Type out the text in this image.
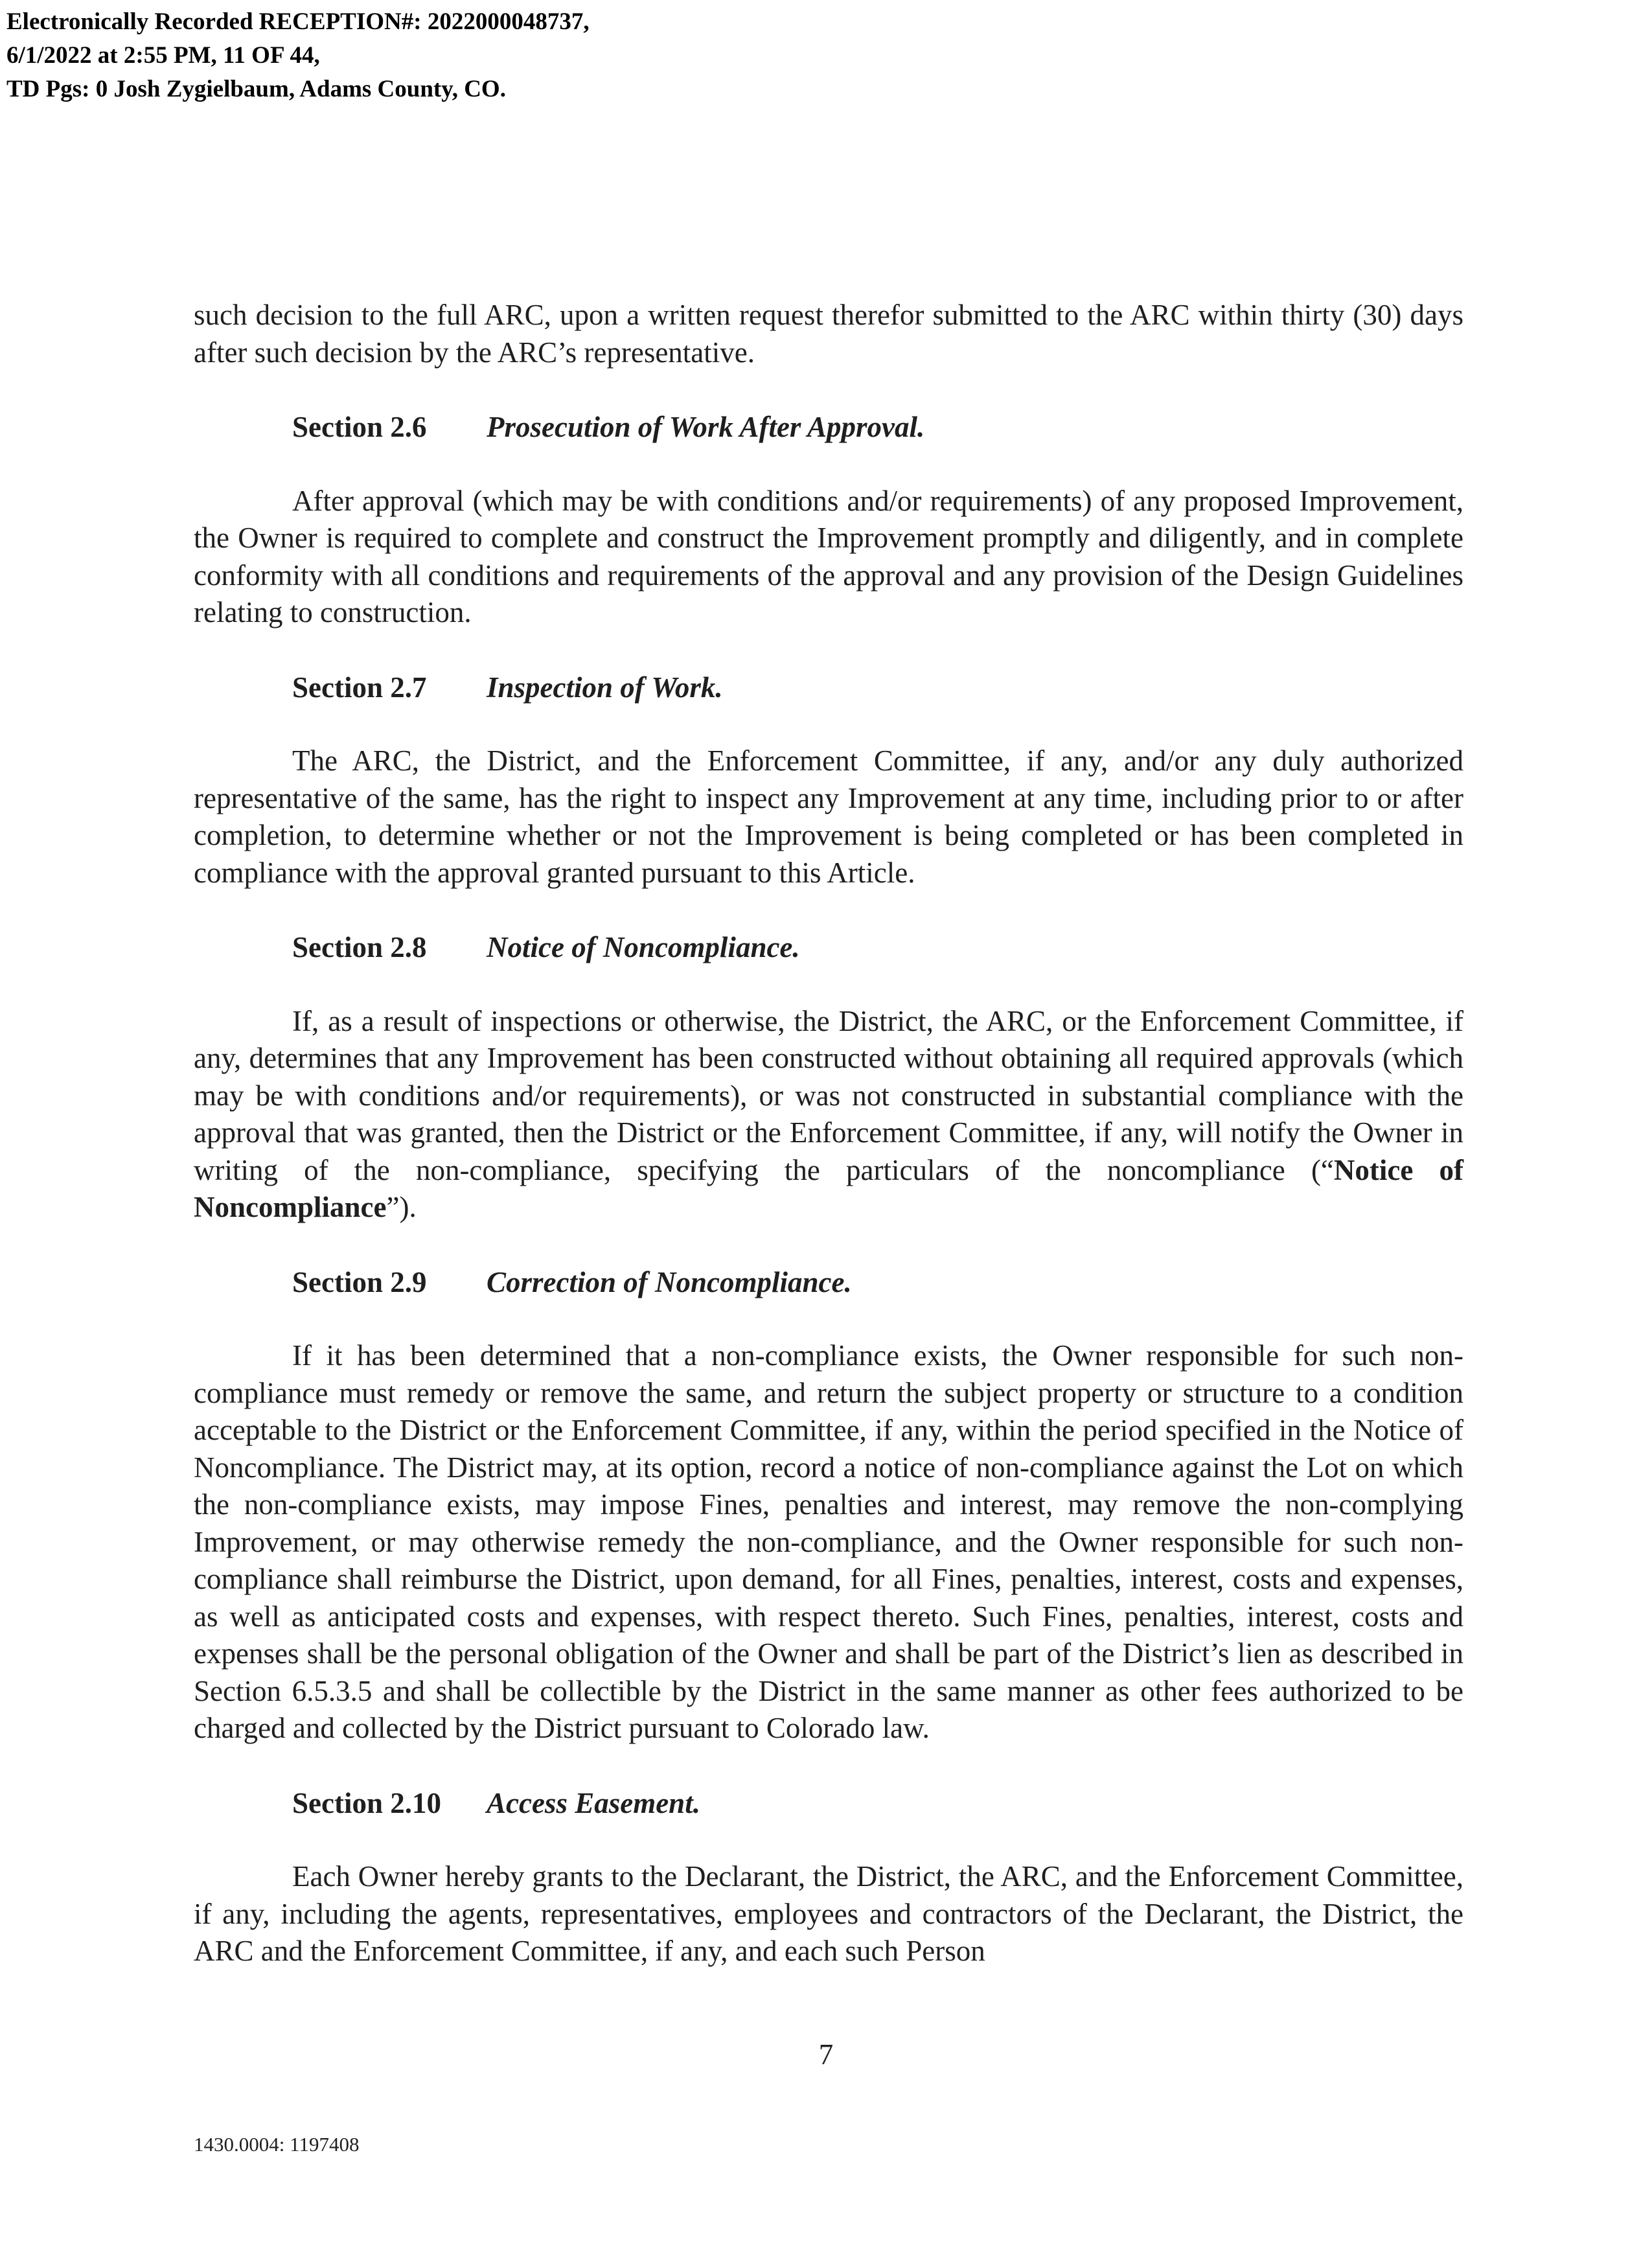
Electronically Recorded RECEPTION#: 2022000048737,
6/1/2022 at 2:55 PM, 11 OF 44,
TD Pgs: 0 Josh Zygielbaum, Adams County, CO.

such decision to the full ARC, upon a written request therefor submitted to the ARC within thirty (30) days after such decision by the ARC’s representative.

Section 2.6	Prosecution of Work After Approval.

After approval (which may be with conditions and/or requirements) of any proposed Improvement, the Owner is required to complete and construct the Improvement promptly and diligently, and in complete conformity with all conditions and requirements of the approval and any provision of the Design Guidelines relating to construction.

Section 2.7	Inspection of Work.

The ARC, the District, and the Enforcement Committee, if any, and/or any duly authorized representative of the same, has the right to inspect any Improvement at any time, including prior to or after completion, to determine whether or not the Improvement is being completed or has been completed in compliance with the approval granted pursuant to this Article.

Section 2.8	Notice of Noncompliance.

If, as a result of inspections or otherwise, the District, the ARC, or the Enforcement Committee, if any, determines that any Improvement has been constructed without obtaining all required approvals (which may be with conditions and/or requirements), or was not constructed in substantial compliance with the approval that was granted, then the District or the Enforcement Committee, if any, will notify the Owner in writing of the non-compliance, specifying the particulars of the noncompliance (“Notice of Noncompliance”).

Section 2.9	Correction of Noncompliance.

If it has been determined that a non-compliance exists, the Owner responsible for such non-compliance must remedy or remove the same, and return the subject property or structure to a condition acceptable to the District or the Enforcement Committee, if any, within the period specified in the Notice of Noncompliance. The District may, at its option, record a notice of non-compliance against the Lot on which the non-compliance exists, may impose Fines, penalties and interest, may remove the non-complying Improvement, or may otherwise remedy the non-compliance, and the Owner responsible for such non-compliance shall reimburse the District, upon demand, for all Fines, penalties, interest, costs and expenses, as well as anticipated costs and expenses, with respect thereto. Such Fines, penalties, interest, costs and expenses shall be the personal obligation of the Owner and shall be part of the District’s lien as described in Section 6.5.3.5 and shall be collectible by the District in the same manner as other fees authorized to be charged and collected by the District pursuant to Colorado law.

Section 2.10	Access Easement.

Each Owner hereby grants to the Declarant, the District, the ARC, and the Enforcement Committee, if any, including the agents, representatives, employees and contractors of the Declarant, the District, the ARC and the Enforcement Committee, if any, and each such Person

7
1430.0004: 1197408
